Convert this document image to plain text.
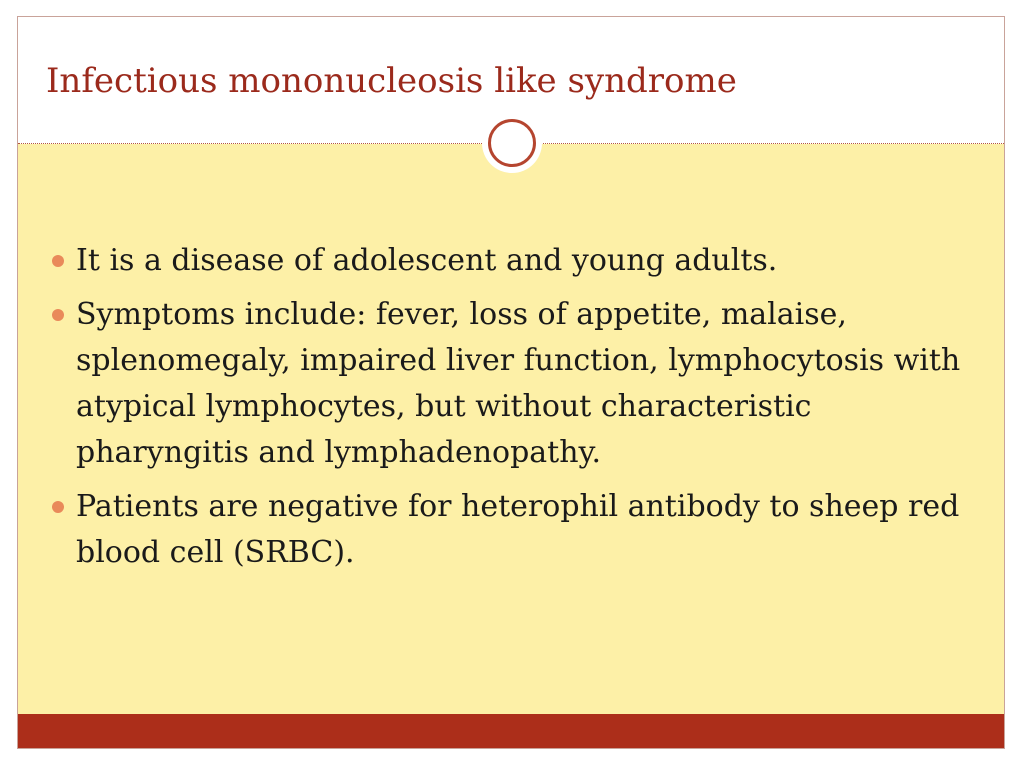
Infectious mononucleosis like syndrome
It is a disease of adolescent and young adults.
Symptoms include: fever, loss of appetite, malaise, splenomegaly, impaired liver function, lymphocytosis with atypical lymphocytes, but without characteristic pharyngitis and lymphadenopathy.
Patients are negative for heterophil antibody to sheep red blood cell (SRBC).
